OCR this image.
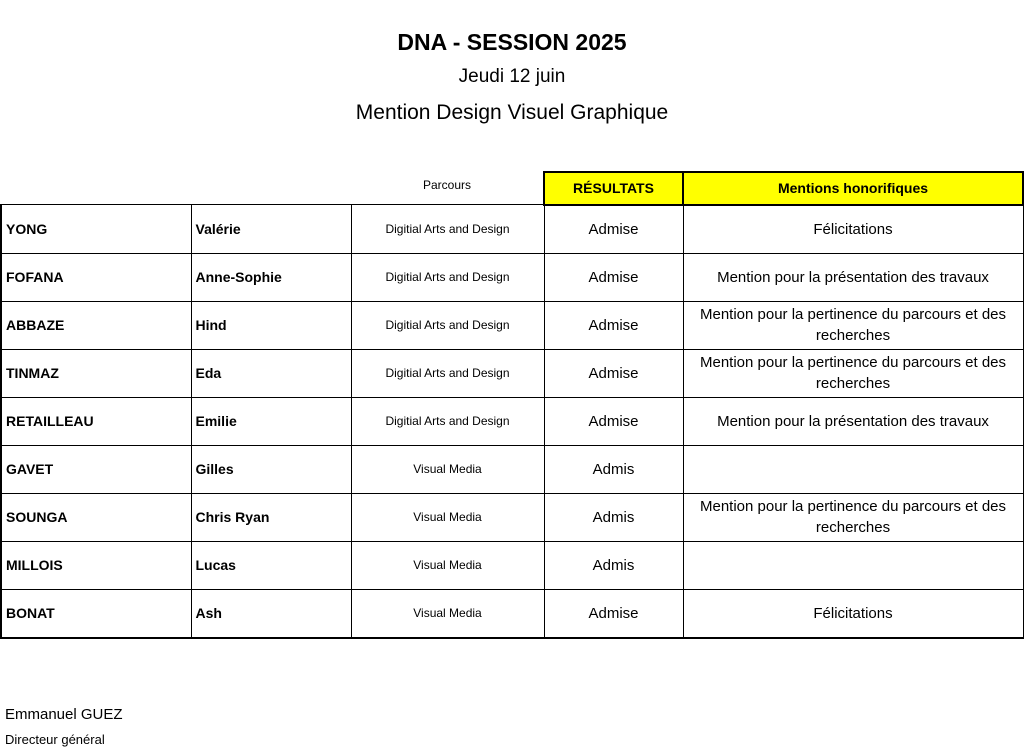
DNA - SESSION 2025
Jeudi 12 juin
Mention Design Visuel Graphique
		Parcours	RÉSULTATS	Mentions honorifiques
YONG	Valérie	Digitial Arts and Design	Admise	Félicitations
FOFANA	Anne-Sophie	Digitial Arts and Design	Admise	Mention pour la présentation des travaux
ABBAZE	Hind	Digitial Arts and Design	Admise	Mention pour la pertinence du parcours et des recherches
TINMAZ	Eda	Digitial Arts and Design	Admise	Mention pour la pertinence du parcours et des recherches
RETAILLEAU	Emilie	Digitial Arts and Design	Admise	Mention pour la présentation des travaux
GAVET	Gilles	Visual Media	Admis	
SOUNGA	Chris Ryan	Visual Media	Admis	Mention pour la pertinence du parcours et des recherches
MILLOIS	Lucas	Visual Media	Admis	
BONAT	Ash	Visual Media	Admise	Félicitations
Emmanuel GUEZ
Directeur général
